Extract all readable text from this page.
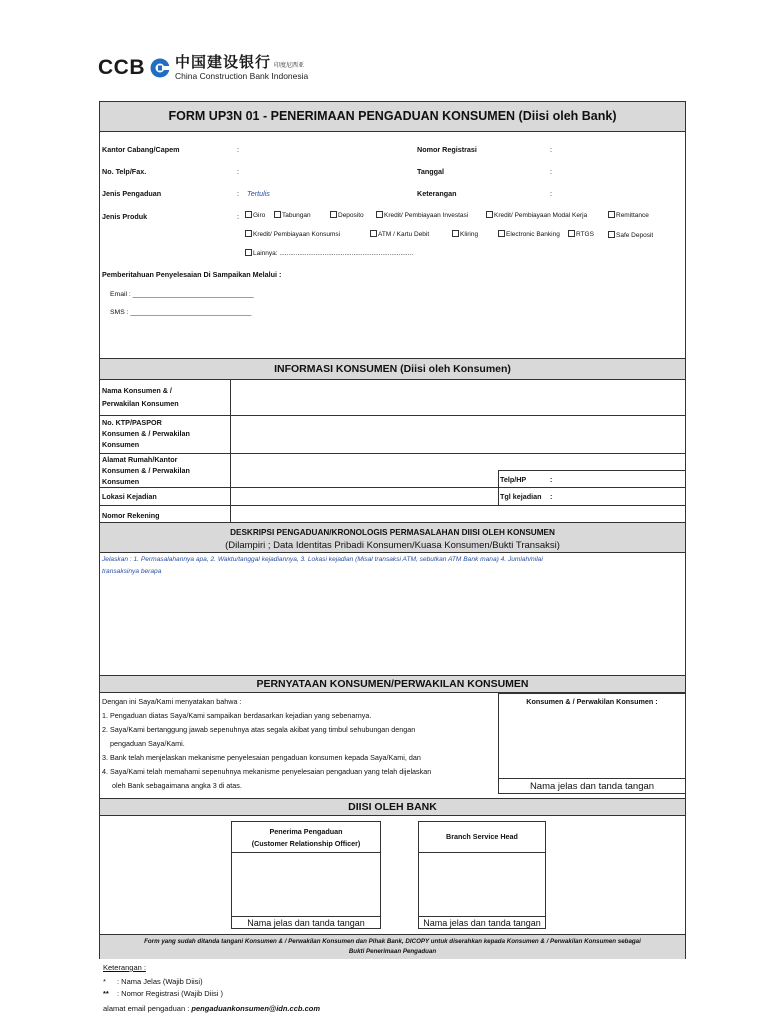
CCB 中国建设银行 印度尼西亚
China Construction Bank Indonesia
FORM UP3N 01 - PENERIMAAN PENGADUAN KONSUMEN (Diisi oleh Bank)
Kantor Cabang/Capem	:	Nomor Registrasi	:
No. Telp/Fax.	:	Tanggal	:
Jenis Pengaduan	: Tertulis	Keterangan	:
Jenis Produk	:	Giro	Tabungan	Deposito	Kredit/ Pembiayaan Investasi	Kredit/ Pembiayaan Modal Kerja	Remittance
Kredit/ Pembiayaan Konsumsi	ATM / Kartu Debit	Kliring	Electronic Banking	RTGS	Safe Deposit
Lainnya: ..........................................................................
Pemberitahuan Penyelesaian Di Sampaikan Melalui :
Email : ________________________________
SMS : ________________________________
INFORMASI KONSUMEN (Diisi oleh Konsumen)
Nama Konsumen & /
Perwakilan Konsumen
No. KTP/PASPOR
Konsumen & / Perwakilan
Konsumen
Alamat Rumah/Kantor
Konsumen & / Perwakilan
Konsumen	Telp/HP	:
Lokasi Kejadian	Tgl kejadian :
Nomor Rekening
DESKRIPSI PENGADUAN/KRONOLOGIS PERMASALAHAN DIISI OLEH KONSUMEN
(Dilampiri ; Data Identitas Pribadi Konsumen/Kuasa Konsumen/Bukti Transaksi)
Jelaskan : 1. Permasalahannya apa, 2. Waktu/tanggal kejadiannya, 3. Lokasi kejadian (Misal transaksi ATM, sebutkan ATM Bank mana) 4. Jumlah/nilai
transaksinya berapa
PERNYATAAN KONSUMEN/PERWAKILAN KONSUMEN
Dengan ini Saya/Kami menyatakan bahwa :
1. Pengaduan diatas Saya/Kami sampaikan berdasarkan kejadian yang sebenarnya.
2. Saya/Kami bertanggung jawab sepenuhnya atas segala akibat yang timbul sehubungan dengan
pengaduan Saya/Kami.
3. Bank telah menjelaskan mekanisme penyelesaian pengaduan konsumen kepada Saya/Kami, dan
4. Saya/Kami telah memahami sepenuhnya mekanisme penyelesaian pengaduan yang telah dijelaskan
oleh Bank sebagaimana angka 3 di atas.
Konsumen & / Perwakilan Konsumen :
Nama jelas dan tanda tangan
DIISI OLEH BANK
Penerima Pengaduan
(Customer Relationship Officer)
Nama jelas dan tanda tangan
Branch Service Head
Nama jelas dan tanda tangan
Form yang sudah ditanda tangani Konsumen & / Perwakilan Konsumen dan Pihak Bank, DICOPY untuk diserahkan kepada Konsumen & / Perwakilan Konsumen sebagai
Bukti Penerimaan Pengaduan
Keterangan :
* : Nama Jelas (Wajib Diisi)
** : Nomor Registrasi (Wajib Diisi )
alamat email pengaduan : pengaduankonsumen@idn.ccb.com
